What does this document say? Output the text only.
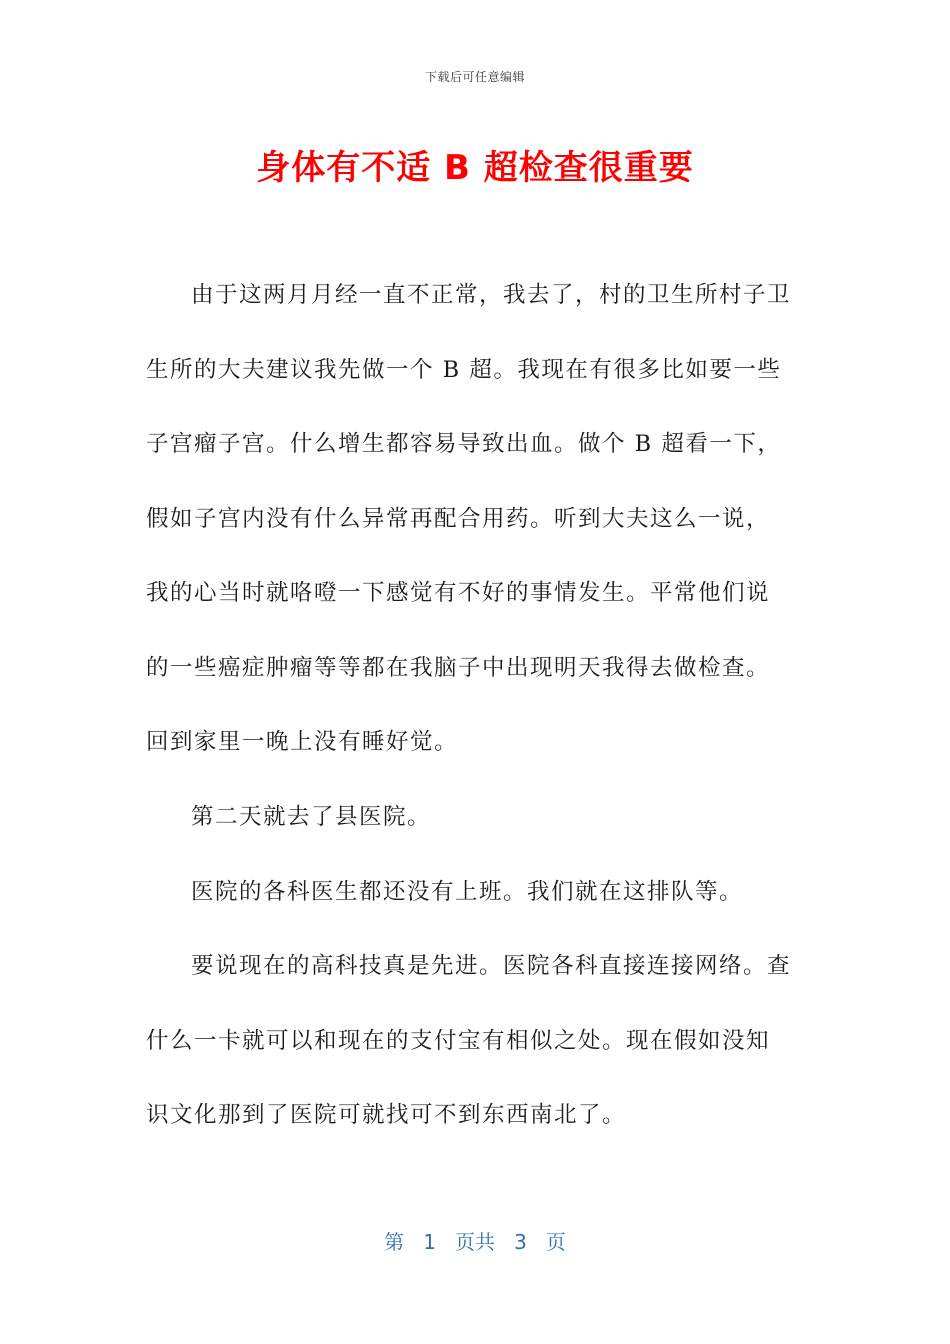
下载后可任意编辑
身体有不适 B 超检查很重要

由于这两月月经一直不正常，我去了，村的卫生所村子卫生所的大夫建议我先做一个 B 超。我现在有很多比如要一些子宫瘤子宫。什么增生都容易导致出血。做个 B 超看一下，假如子宫内没有什么异常再配合用药。听到大夫这么一说，我的心当时就咯噔一下感觉有不好的事情发生。平常他们说的一些癌症肿瘤等等都在我脑子中出现明天我得去做检查。回到家里一晚上没有睡好觉。

第二天就去了县医院。

医院的各科医生都还没有上班。我们就在这排队等。

要说现在的高科技真是先进。医院各科直接连接网络。查什么一卡就可以和现在的支付宝有相似之处。现在假如没知识文化那到了医院可就找可不到东西南北了。

第 1 页共 3 页
